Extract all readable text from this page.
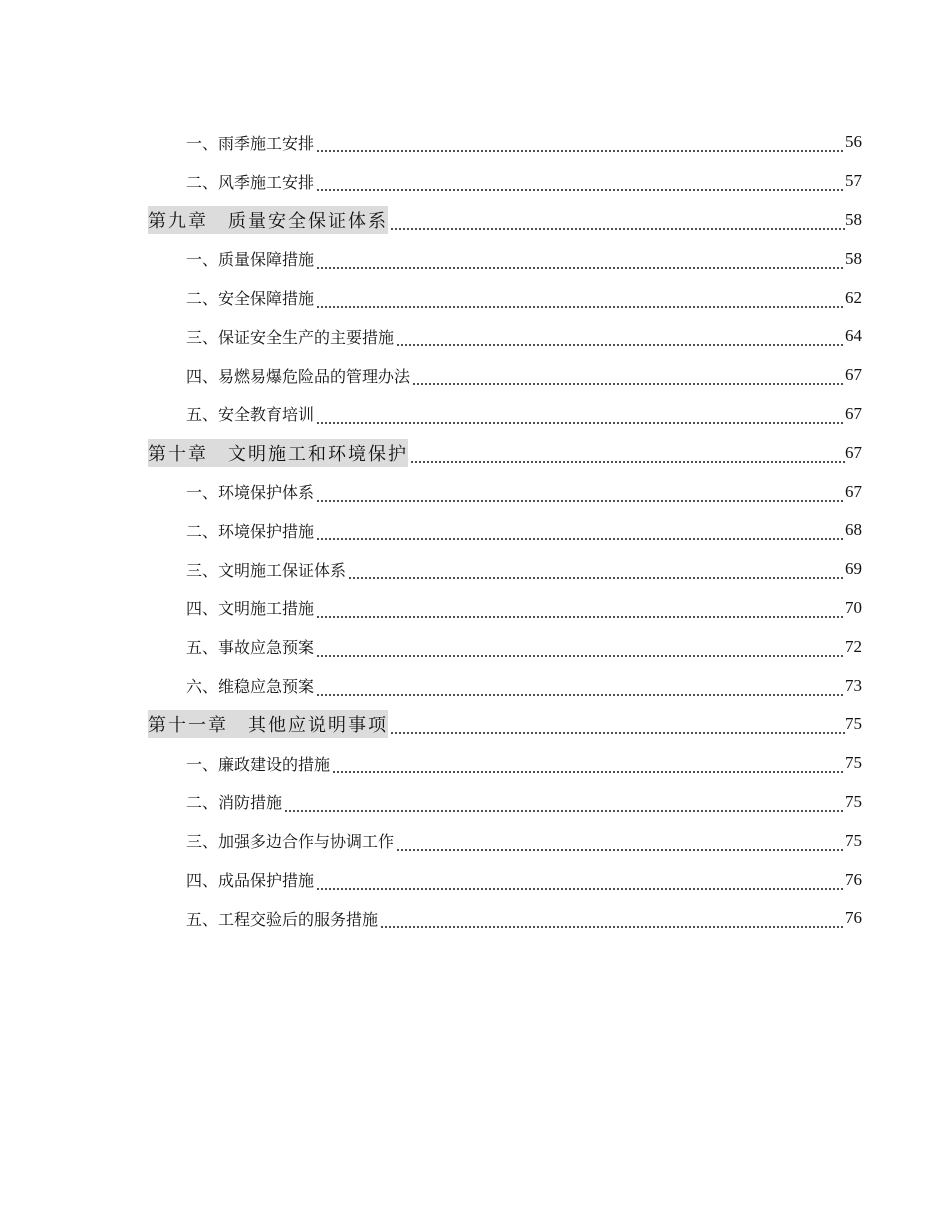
一、雨季施工安排	56
二、风季施工安排	57
第九章　质量安全保证体系	58
一、质量保障措施	58
二、安全保障措施	62
三、保证安全生产的主要措施	64
四、易燃易爆危险品的管理办法	67
五、安全教育培训	67
第十章　文明施工和环境保护	67
一、环境保护体系	67
二、环境保护措施	68
三、文明施工保证体系	69
四、文明施工措施	70
五、事故应急预案	72
六、维稳应急预案	73
第十一章　其他应说明事项	75
一、廉政建设的措施	75
二、消防措施	75
三、加强多边合作与协调工作	75
四、成品保护措施	76
五、工程交验后的服务措施	76
